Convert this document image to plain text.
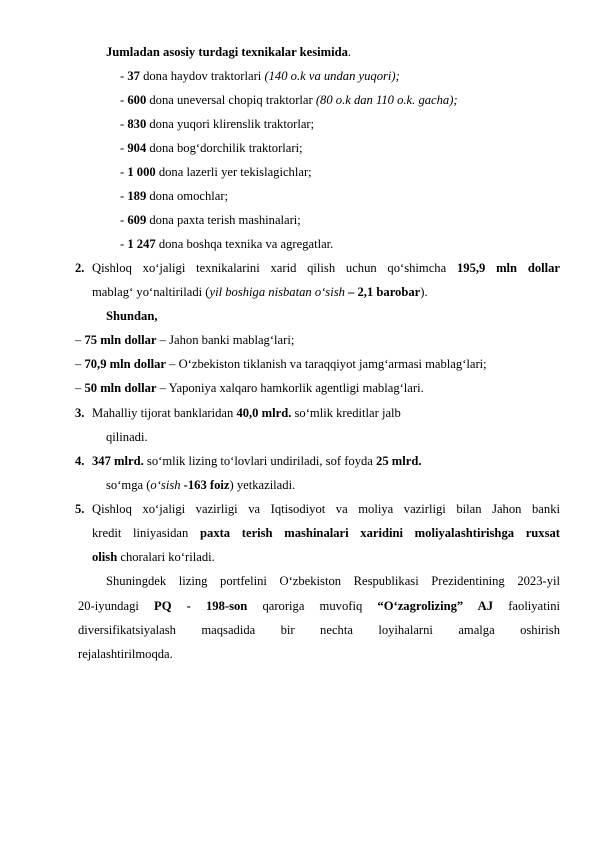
Jumladan asosiy turdagi texnikalar kesimida.
- 37 dona haydov traktorlari (140 o.k va undan yuqori);
- 600 dona uneversal chopiq traktorlar (80 o.k dan 110 o.k. gacha);
- 830 dona yuqori klirenslik traktorlar;
- 904 dona bogʻdorchilik traktorlari;
- 1 000 dona lazerli yer tekislagichlar;
- 189 dona omochlar;
- 609 dona paxta terish mashinalari;
- 1 247 dona boshqa texnika va agregatlar.
2. Qishloq xoʻjaligi texnikalarini xarid qilish uchun qoʻshimcha 195,9 mln dollar
mablagʻ yoʻnaltiriladi (yil boshiga nisbatan o‘sish – 2,1 barobar).
Shundan,
– 75 mln dollar – Jahon banki mablagʻlari;
– 70,9 mln dollar – Oʻzbekiston tiklanish va taraqqiyot jamgʻarmasi mablagʻlari;
– 50 mln dollar – Yaponiya xalqaro hamkorlik agentligi mablagʻlari.
3. Mahalliy tijorat banklaridan 40,0 mlrd. soʻmlik kreditlar jalb
qilinadi.
4. 347 mlrd. soʻmlik lizing toʻlovlari undiriladi, sof foyda 25 mlrd.
soʻmga (o‘sish -163 foiz) yetkaziladi.
5. Qishloq xoʻjaligi vazirligi va Iqtisodiyot va moliya vazirligi bilan Jahon banki
kredit liniyasidan paxta terish mashinalari xaridini moliyalashtirishga ruxsat
olish choralari koʻriladi.
Shuningdek lizing portfelini Oʻzbekiston Respublikasi Prezidentining 2023-yil
20-iyundagi PQ - 198-son qaroriga muvofiq “O‘zagrolizing” AJ faoliyatini
diversifikatsiyalash maqsadida bir nechta loyihalarni amalga oshirish
rejalashtirilmoqda.
